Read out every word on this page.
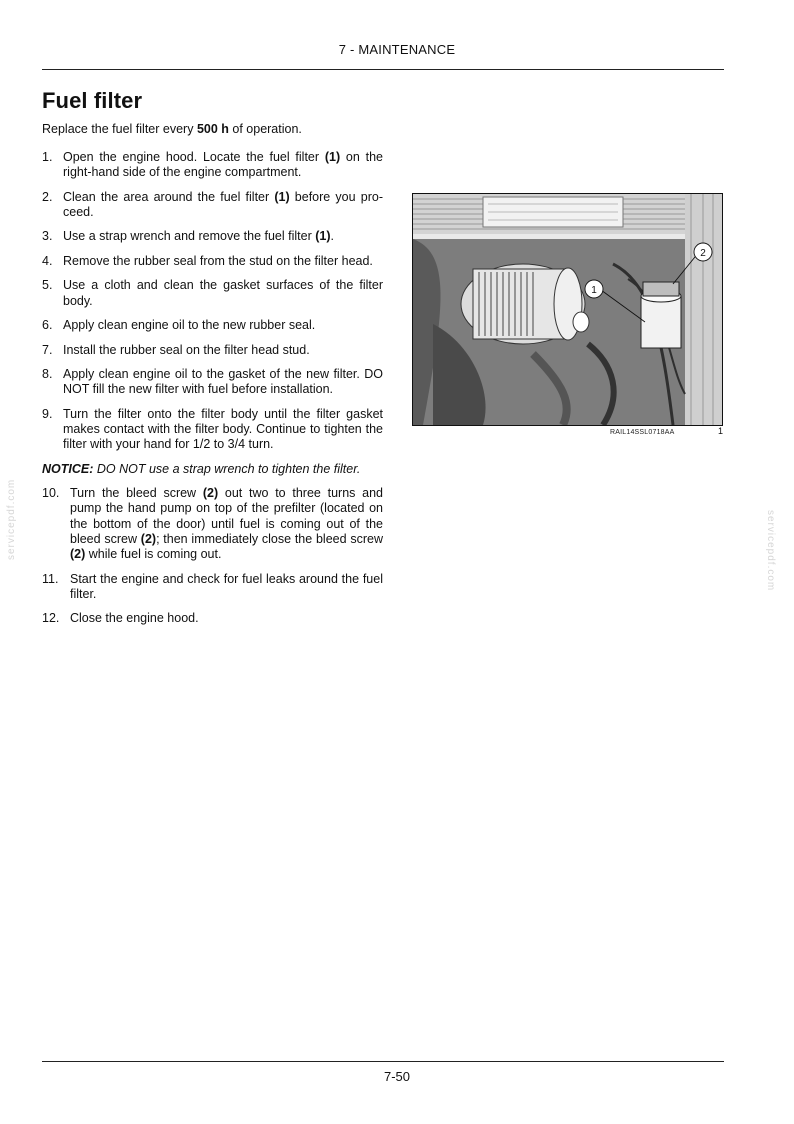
7 - MAINTENANCE
Fuel filter

Replace the fuel filter every 500 h of operation.

1. Open the engine hood. Locate the fuel filter (1) on the right-hand side of the engine compartment.
2. Clean the area around the fuel filter (1) before you proceed.
3. Use a strap wrench and remove the fuel filter (1).
4. Remove the rubber seal from the stud on the filter head.
5. Use a cloth and clean the gasket surfaces of the filter body.
6. Apply clean engine oil to the new rubber seal.
7. Install the rubber seal on the filter head stud.
8. Apply clean engine oil to the gasket of the new filter. DO NOT fill the new filter with fuel before installation.
9. Turn the filter onto the filter body until the filter gasket makes contact with the filter body. Continue to tighten the filter with your hand for 1/2 to 3/4 turn.

NOTICE: DO NOT use a strap wrench to tighten the filter.

10. Turn the bleed screw (2) out two to three turns and pump the hand pump on top of the prefilter (located on the bottom of the door) until fuel is coming out of the bleed screw (2); then immediately close the bleed screw (2) while fuel is coming out.
11. Start the engine and check for fuel leaks around the fuel filter.
12. Close the engine hood.
1
2
RAIL14SSL0718AA	1
servicepdf.com	servicepdf.com
7-50
